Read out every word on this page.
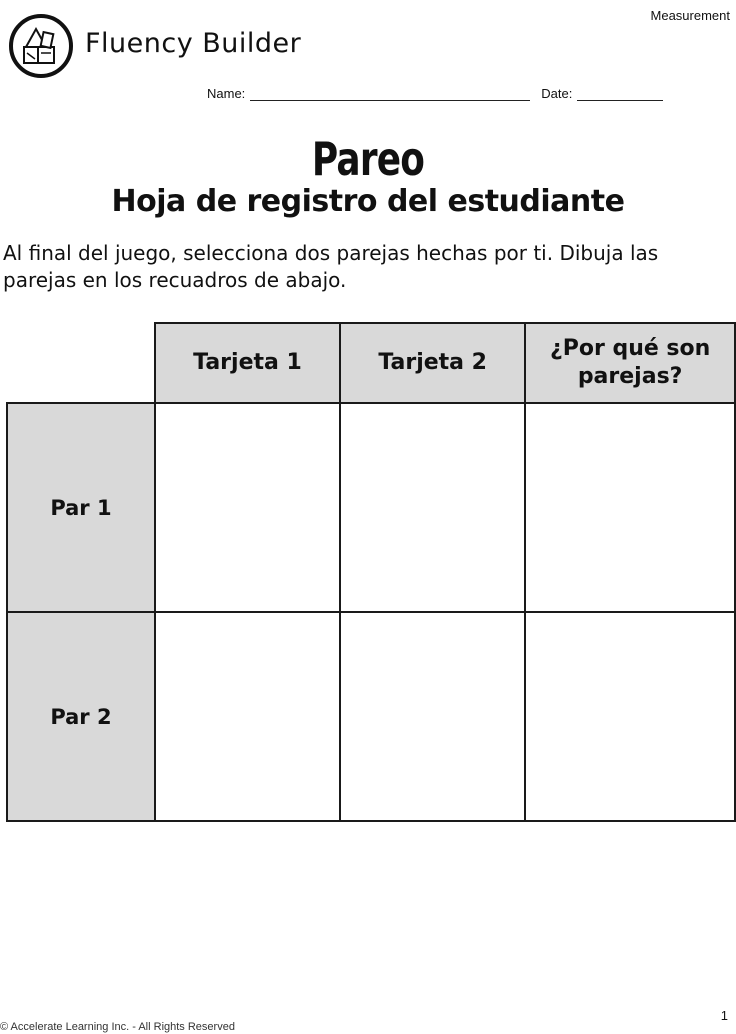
Measurement
Fluency Builder
Name:	Date:
Pareo
Hoja de registro del estudiante
Al final del juego, selecciona dos parejas hechas por ti. Dibuja las parejas en los recuadros de abajo.
	Tarjeta 1	Tarjeta 2	¿Por qué son parejas?
Par 1			
Par 2			
1
© Accelerate Learning Inc. - All Rights Reserved
